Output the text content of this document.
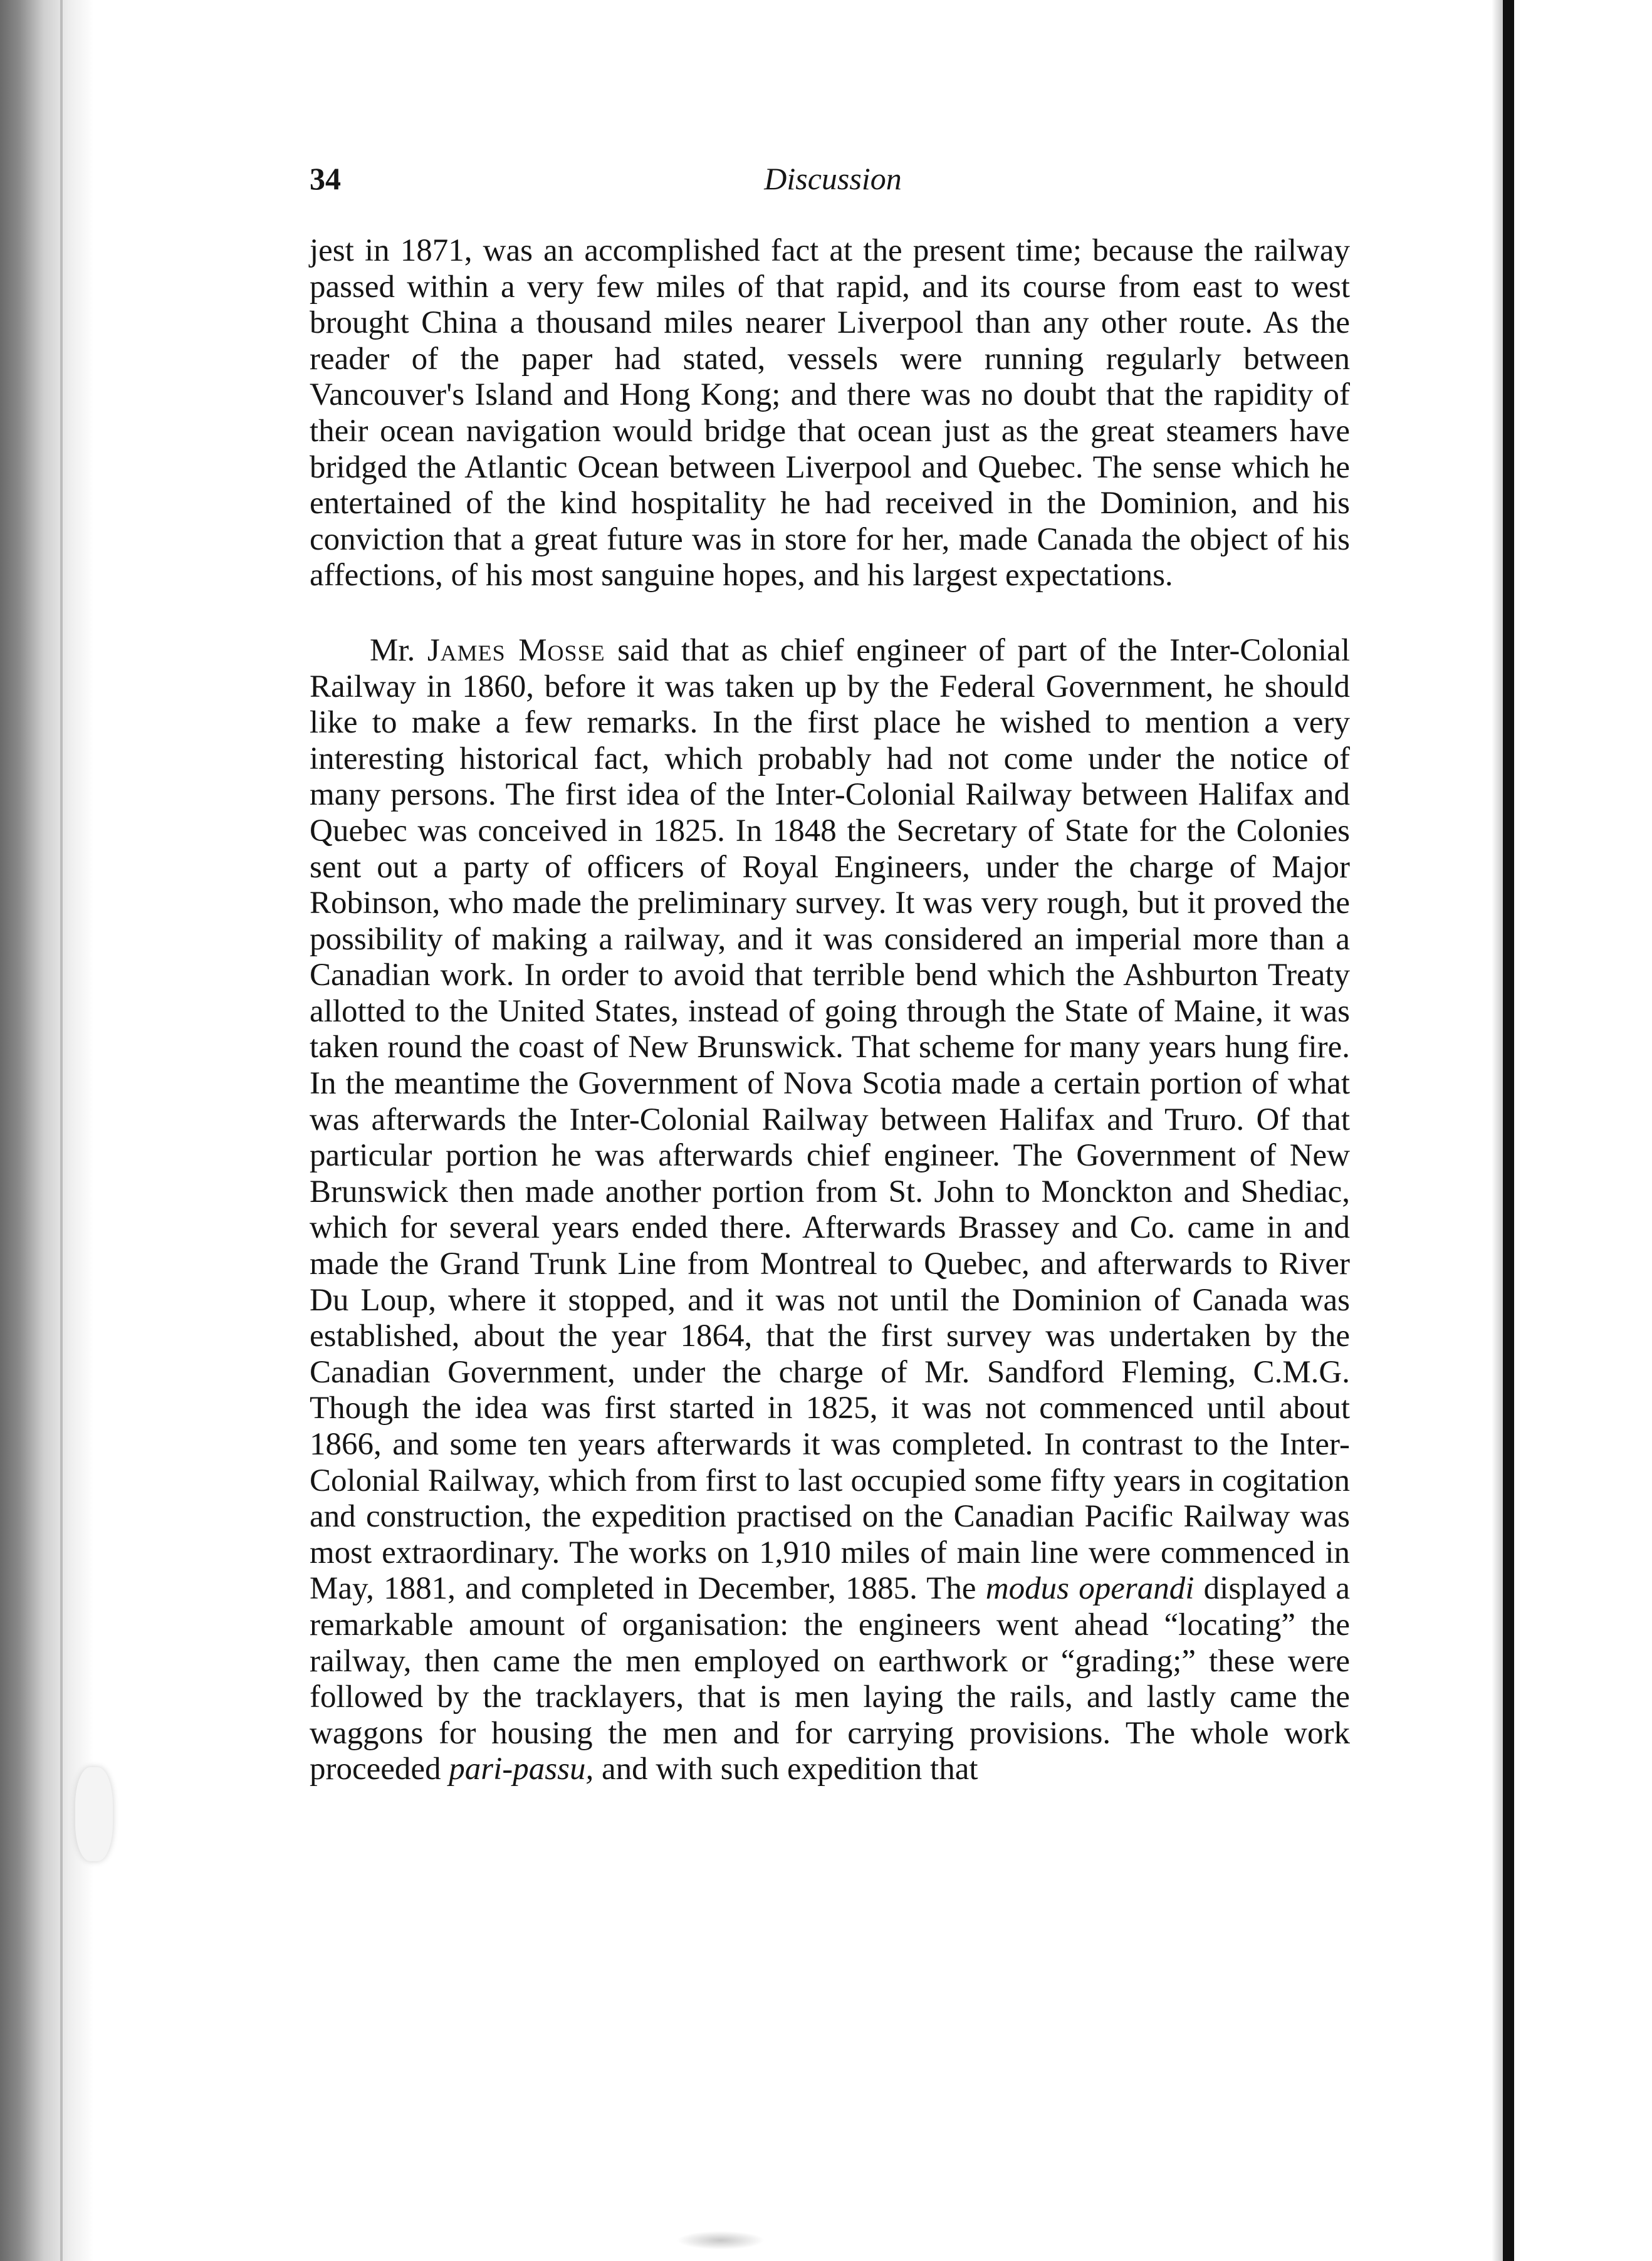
34	Discussion

jest in 1871, was an accomplished fact at the present time; because the railway passed within a very few miles of that rapid, and its course from east to west brought China a thousand miles nearer Liverpool than any other route. As the reader of the paper had stated, vessels were running regularly between Vancouver's Island and Hong Kong; and there was no doubt that the rapidity of their ocean navigation would bridge that ocean just as the great steamers have bridged the Atlantic Ocean between Liverpool and Quebec. The sense which he entertained of the kind hospitality he had received in the Dominion, and his conviction that a great future was in store for her, made Canada the object of his affections, of his most sanguine hopes, and his largest expectations.

Mr. James Mosse said that as chief engineer of part of the Inter-Colonial Railway in 1860, before it was taken up by the Federal Government, he should like to make a few remarks. In the first place he wished to mention a very interesting historical fact, which probably had not come under the notice of many persons. The first idea of the Inter-Colonial Railway between Halifax and Quebec was conceived in 1825. In 1848 the Secretary of State for the Colonies sent out a party of officers of Royal Engineers, under the charge of Major Robinson, who made the preliminary survey. It was very rough, but it proved the possibility of making a railway, and it was considered an imperial more than a Canadian work. In order to avoid that terrible bend which the Ashburton Treaty allotted to the United States, instead of going through the State of Maine, it was taken round the coast of New Brunswick. That scheme for many years hung fire. In the meantime the Government of Nova Scotia made a certain portion of what was afterwards the Inter-Colonial Railway between Halifax and Truro. Of that particular portion he was afterwards chief engineer. The Government of New Brunswick then made another portion from St. John to Monckton and Shediac, which for several years ended there. Afterwards Brassey and Co. came in and made the Grand Trunk Line from Montreal to Quebec, and afterwards to River Du Loup, where it stopped, and it was not until the Dominion of Canada was established, about the year 1864, that the first survey was undertaken by the Canadian Government, under the charge of Mr. Sandford Fleming, C.M.G. Though the idea was first started in 1825, it was not commenced until about 1866, and some ten years afterwards it was completed. In contrast to the Inter-Colonial Railway, which from first to last occupied some fifty years in cogitation and construction, the expedition practised on the Canadian Pacific Railway was most extraordinary. The works on 1,910 miles of main line were commenced in May, 1881, and completed in December, 1885. The modus operandi displayed a remarkable amount of organisation: the engineers went ahead “locating” the railway, then came the men employed on earthwork or “grading;” these were followed by the tracklayers, that is men laying the rails, and lastly came the waggons for housing the men and for carrying provisions. The whole work proceeded pari-passu, and with such expedition that
